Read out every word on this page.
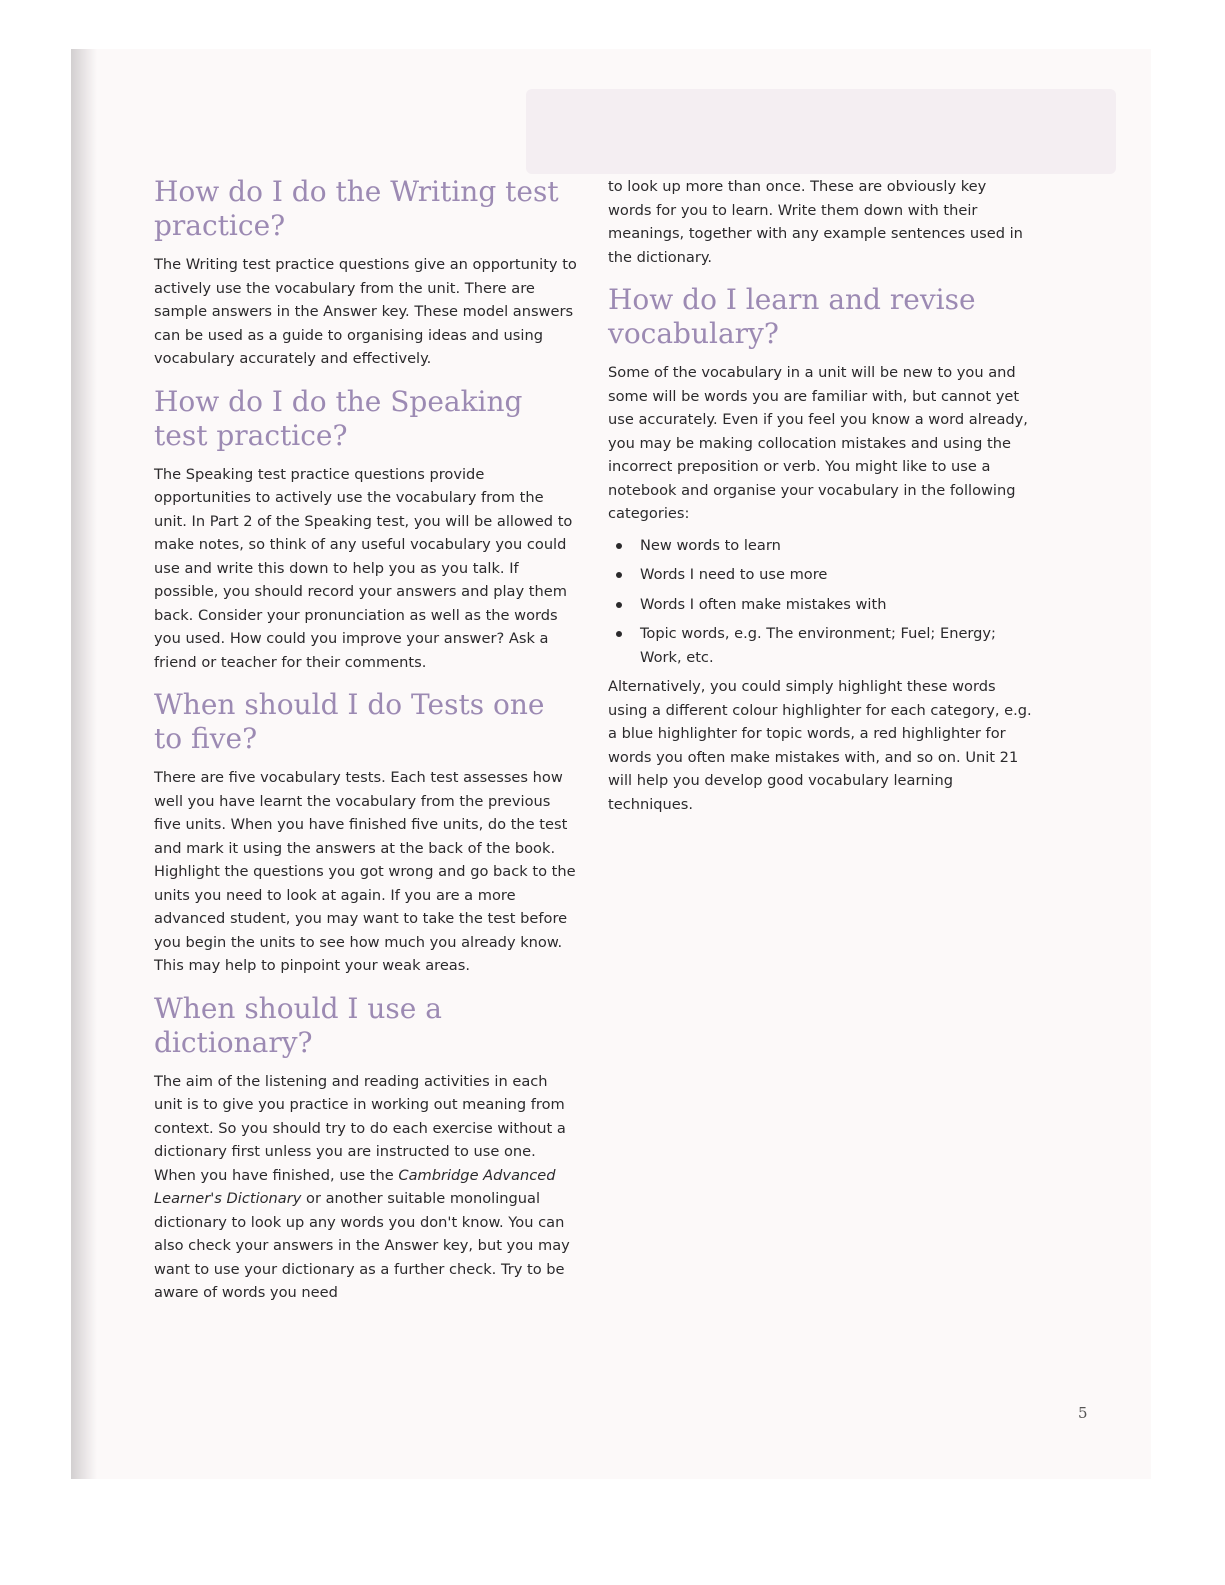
How do I do the Writing test practice?

The Writing test practice questions give an opportunity to actively use the vocabulary from the unit. There are sample answers in the Answer key. These model answers can be used as a guide to organising ideas and using vocabulary accurately and effectively.

How do I do the Speaking test practice?

The Speaking test practice questions provide opportunities to actively use the vocabulary from the unit. In Part 2 of the Speaking test, you will be allowed to make notes, so think of any useful vocabulary you could use and write this down to help you as you talk. If possible, you should record your answers and play them back. Consider your pronunciation as well as the words you used. How could you improve your answer? Ask a friend or teacher for their comments.

When should I do Tests one to five?

There are five vocabulary tests. Each test assesses how well you have learnt the vocabulary from the previous five units. When you have finished five units, do the test and mark it using the answers at the back of the book. Highlight the questions you got wrong and go back to the units you need to look at again. If you are a more advanced student, you may want to take the test before you begin the units to see how much you already know. This may help to pinpoint your weak areas.

When should I use a dictionary?

The aim of the listening and reading activities in each unit is to give you practice in working out meaning from context. So you should try to do each exercise without a dictionary first unless you are instructed to use one. When you have finished, use the Cambridge Advanced Learner's Dictionary or another suitable monolingual dictionary to look up any words you don't know. You can also check your answers in the Answer key, but you may want to use your dictionary as a further check. Try to be aware of words you need

to look up more than once. These are obviously key words for you to learn. Write them down with their meanings, together with any example sentences used in the dictionary.

How do I learn and revise vocabulary?

Some of the vocabulary in a unit will be new to you and some will be words you are familiar with, but cannot yet use accurately. Even if you feel you know a word already, you may be making collocation mistakes and using the incorrect preposition or verb. You might like to use a notebook and organise your vocabulary in the following categories:

New words to learn
Words I need to use more
Words I often make mistakes with
Topic words, e.g. The environment; Fuel; Energy; Work, etc.

Alternatively, you could simply highlight these words using a different colour highlighter for each category, e.g. a blue highlighter for topic words, a red highlighter for words you often make mistakes with, and so on. Unit 21 will help you develop good vocabulary learning techniques.

5
